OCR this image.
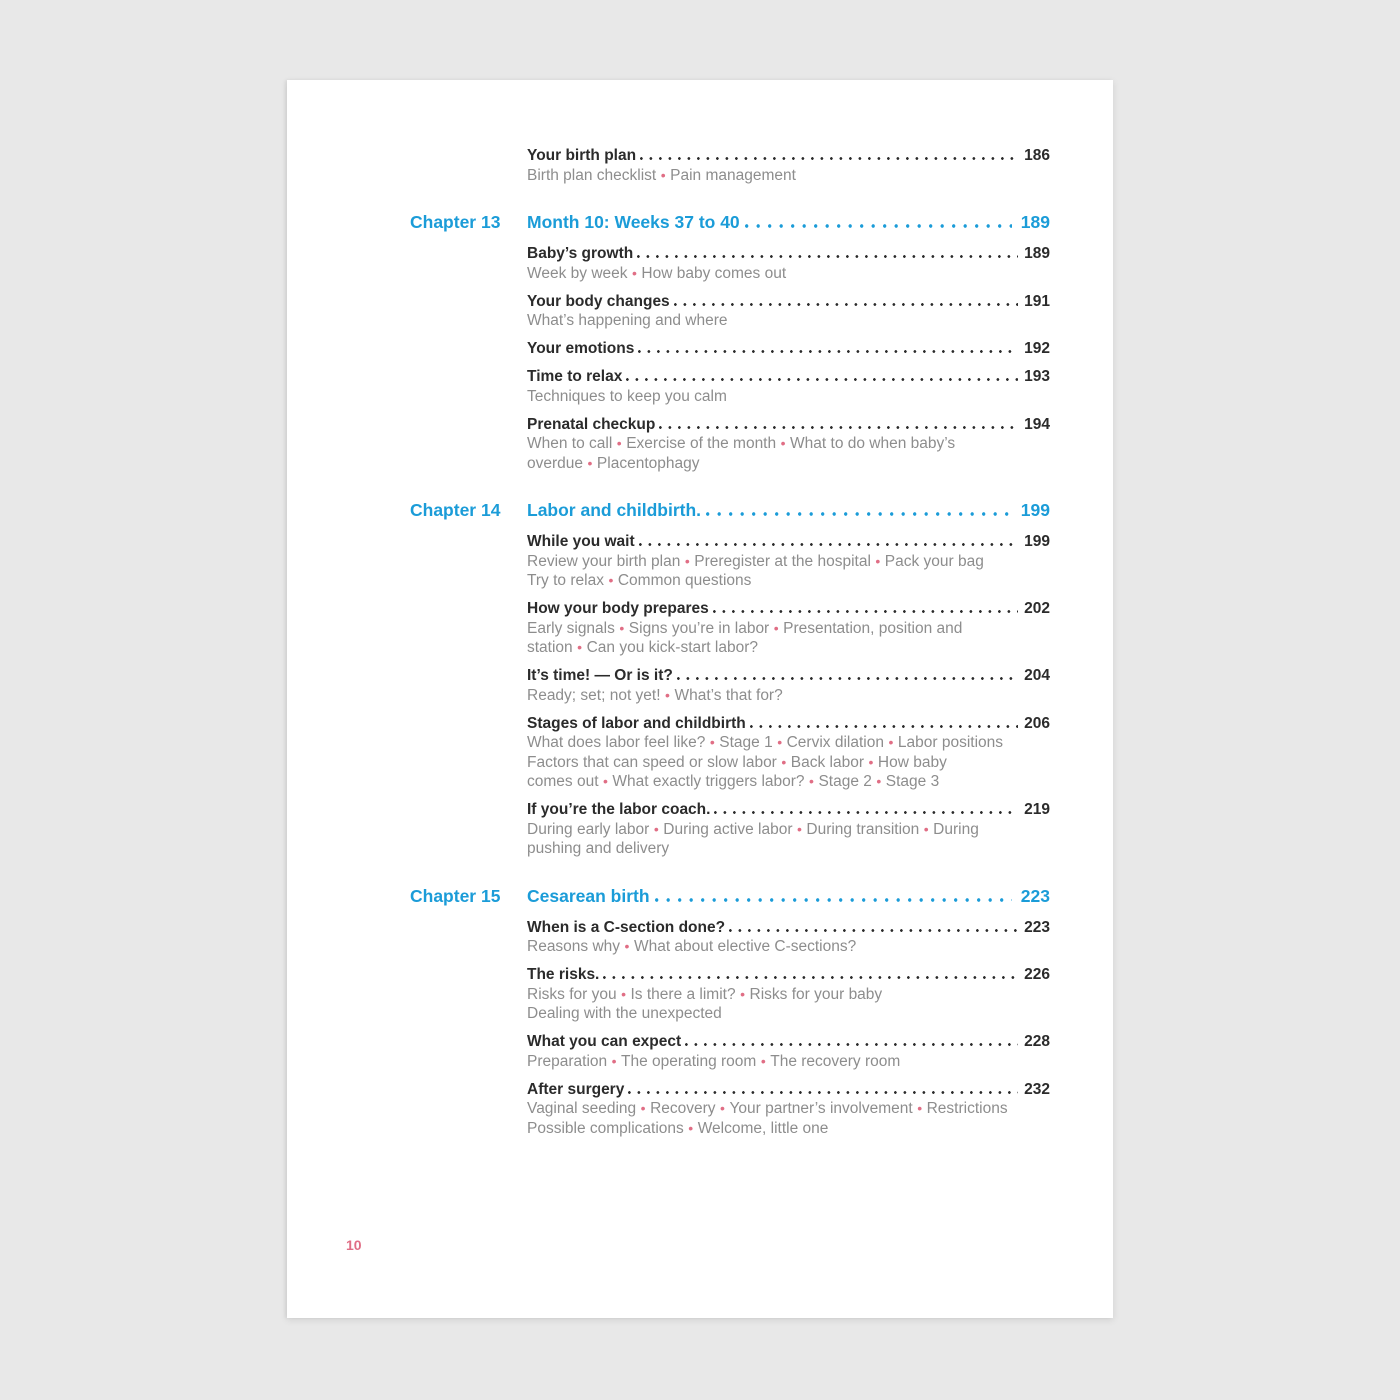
Your birth plan	186
Birth plan checklist • Pain management
Chapter 13	Month 10: Weeks 37 to 40	189
Baby’s growth	189
Week by week • How baby comes out
Your body changes	191
What’s happening and where
Your emotions	192
Time to relax	193
Techniques to keep you calm
Prenatal checkup	194
When to call • Exercise of the month • What to do when baby’s
overdue • Placentophagy
Chapter 14	Labor and childbirth.	199
While you wait	199
Review your birth plan • Preregister at the hospital • Pack your bag
Try to relax • Common questions
How your body prepares	202
Early signals • Signs you’re in labor • Presentation, position and
station • Can you kick-start labor?
It’s time! — Or is it?	204
Ready; set; not yet! • What’s that for?
Stages of labor and childbirth	206
What does labor feel like? • Stage 1 • Cervix dilation • Labor positions
Factors that can speed or slow labor • Back labor • How baby
comes out • What exactly triggers labor? • Stage 2 • Stage 3
If you’re the labor coach.	219
During early labor • During active labor • During transition • During
pushing and delivery
Chapter 15	Cesarean birth	223
When is a C-section done?	223
Reasons why • What about elective C-sections?
The risks.	226
Risks for you • Is there a limit? • Risks for your baby
Dealing with the unexpected
What you can expect	228
Preparation • The operating room • The recovery room
After surgery	232
Vaginal seeding • Recovery • Your partner’s involvement • Restrictions
Possible complications • Welcome, little one
10
